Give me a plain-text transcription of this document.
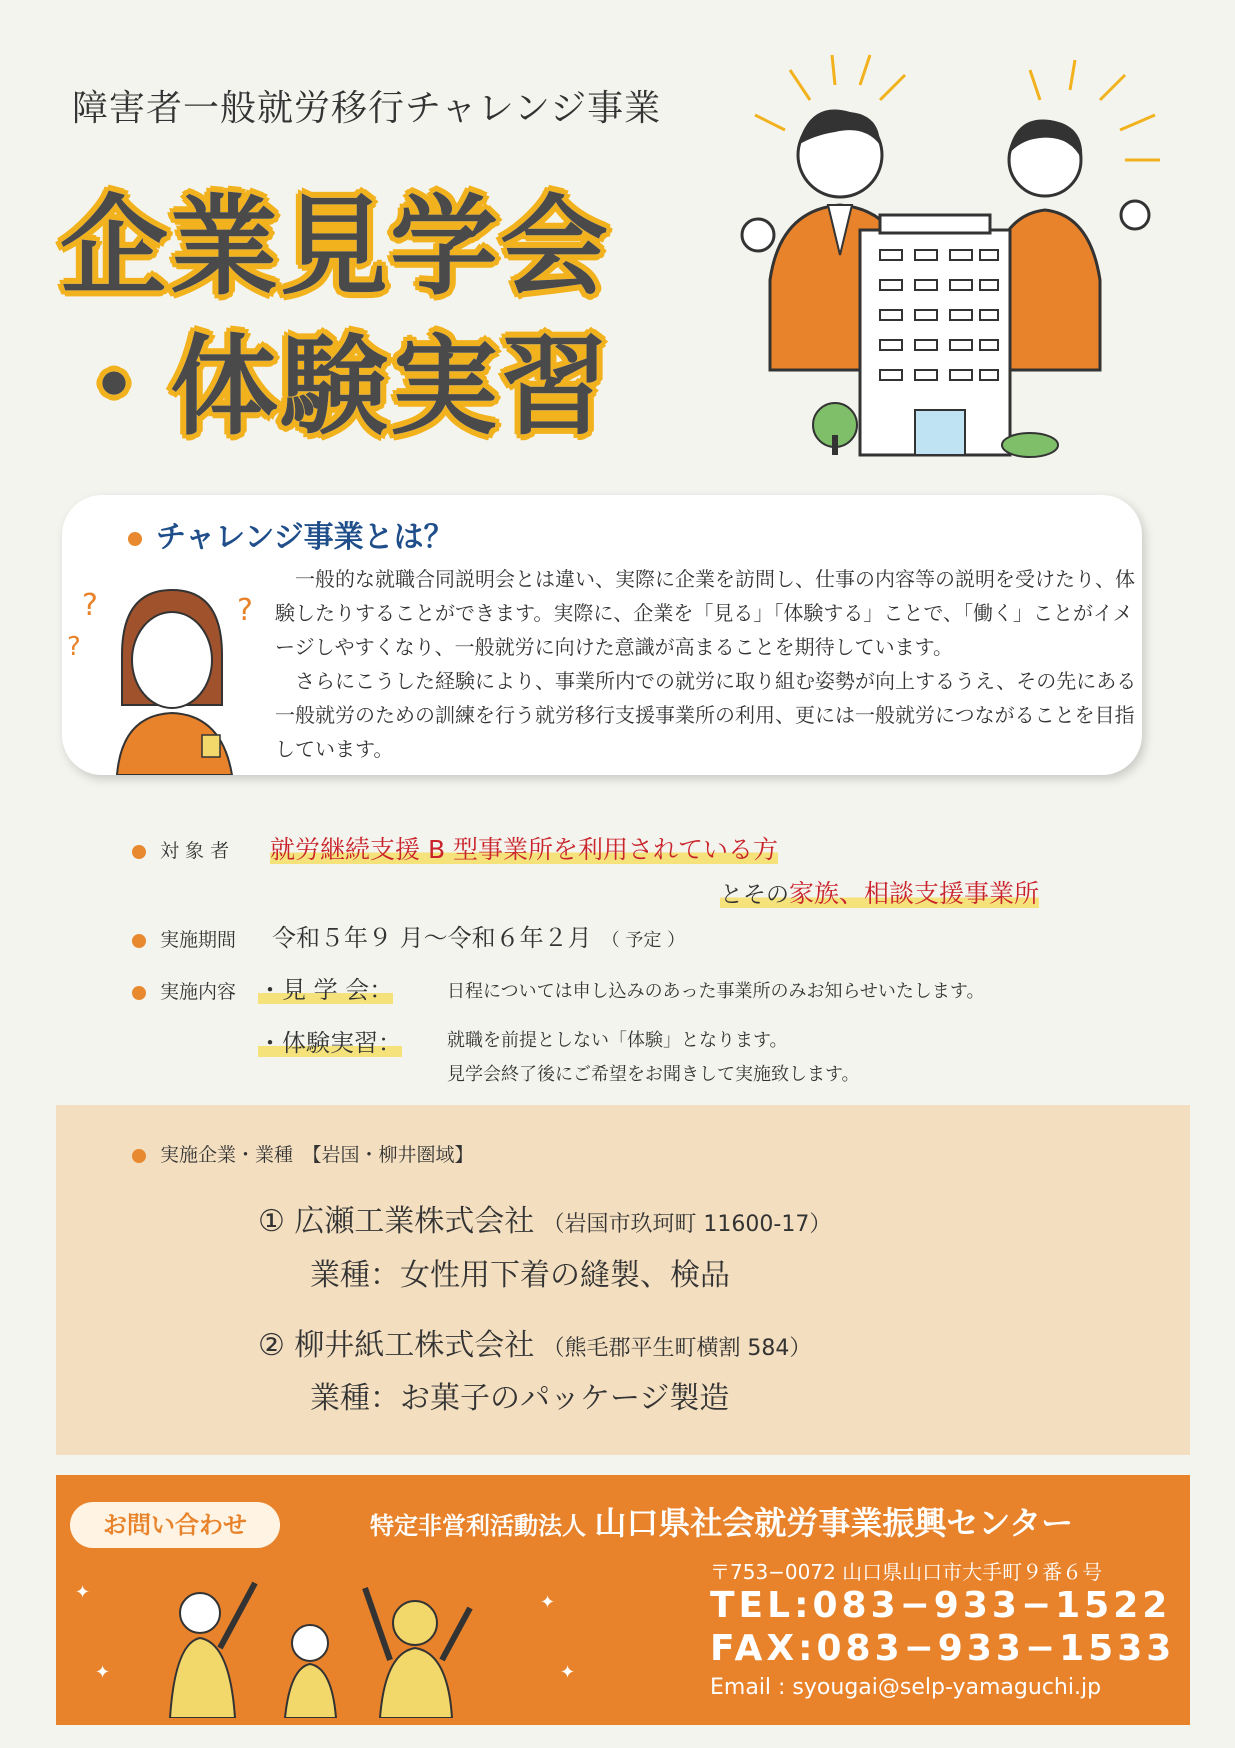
障害者一般就労移行チャレンジ事業
企業見学会
・体験実習
チャレンジ事業とは？
?
?
?
一般的な就職合同説明会とは違い、実際に企業を訪問し、仕事の内容等の説明を受けたり、体験したりすることができます。実際に、企業を「見る」「体験する」ことで、「働く」ことがイメージしやすくなり、一般就労に向けた意識が高まることを期待しています。
さらにこうした経験により、事業所内での就労に取り組む姿勢が向上するうえ、その先にある一般就労のための訓練を行う就労移行支援事業所の利用、更には一般就労につながることを目指しています。
対 象 者 就労継続支援 B 型事業所を利用されている方
とその家族、相談支援事業所
実施期間 令和５年９ 月～令和６年２月 （ 予定 ）
実施内容 ・見 学 会：	日程については申し込みのあった事業所のみお知らせいたします。
・体験実習：	就職を前提としない「体験」となります。
見学会終了後にご希望をお聞きして実施致します。
実施企業・業種　【岩国・柳井圏域】
① 広瀬工業株式会社 （岩国市玖珂町 11600-17）
業種：女性用下着の縫製、検品
② 柳井紙工株式会社 （熊毛郡平生町横割 584）
業種：お菓子のパッケージ製造
お問い合わせ	特定非営利活動法人 山口県社会就労事業振興センター
✦	✦
✦
✦
〒753−0072 山口県山口市大手町９番６号
TEL:083−933−1522
FAX:083−933−1533
Email : syougai@selp-yamaguchi.jp
